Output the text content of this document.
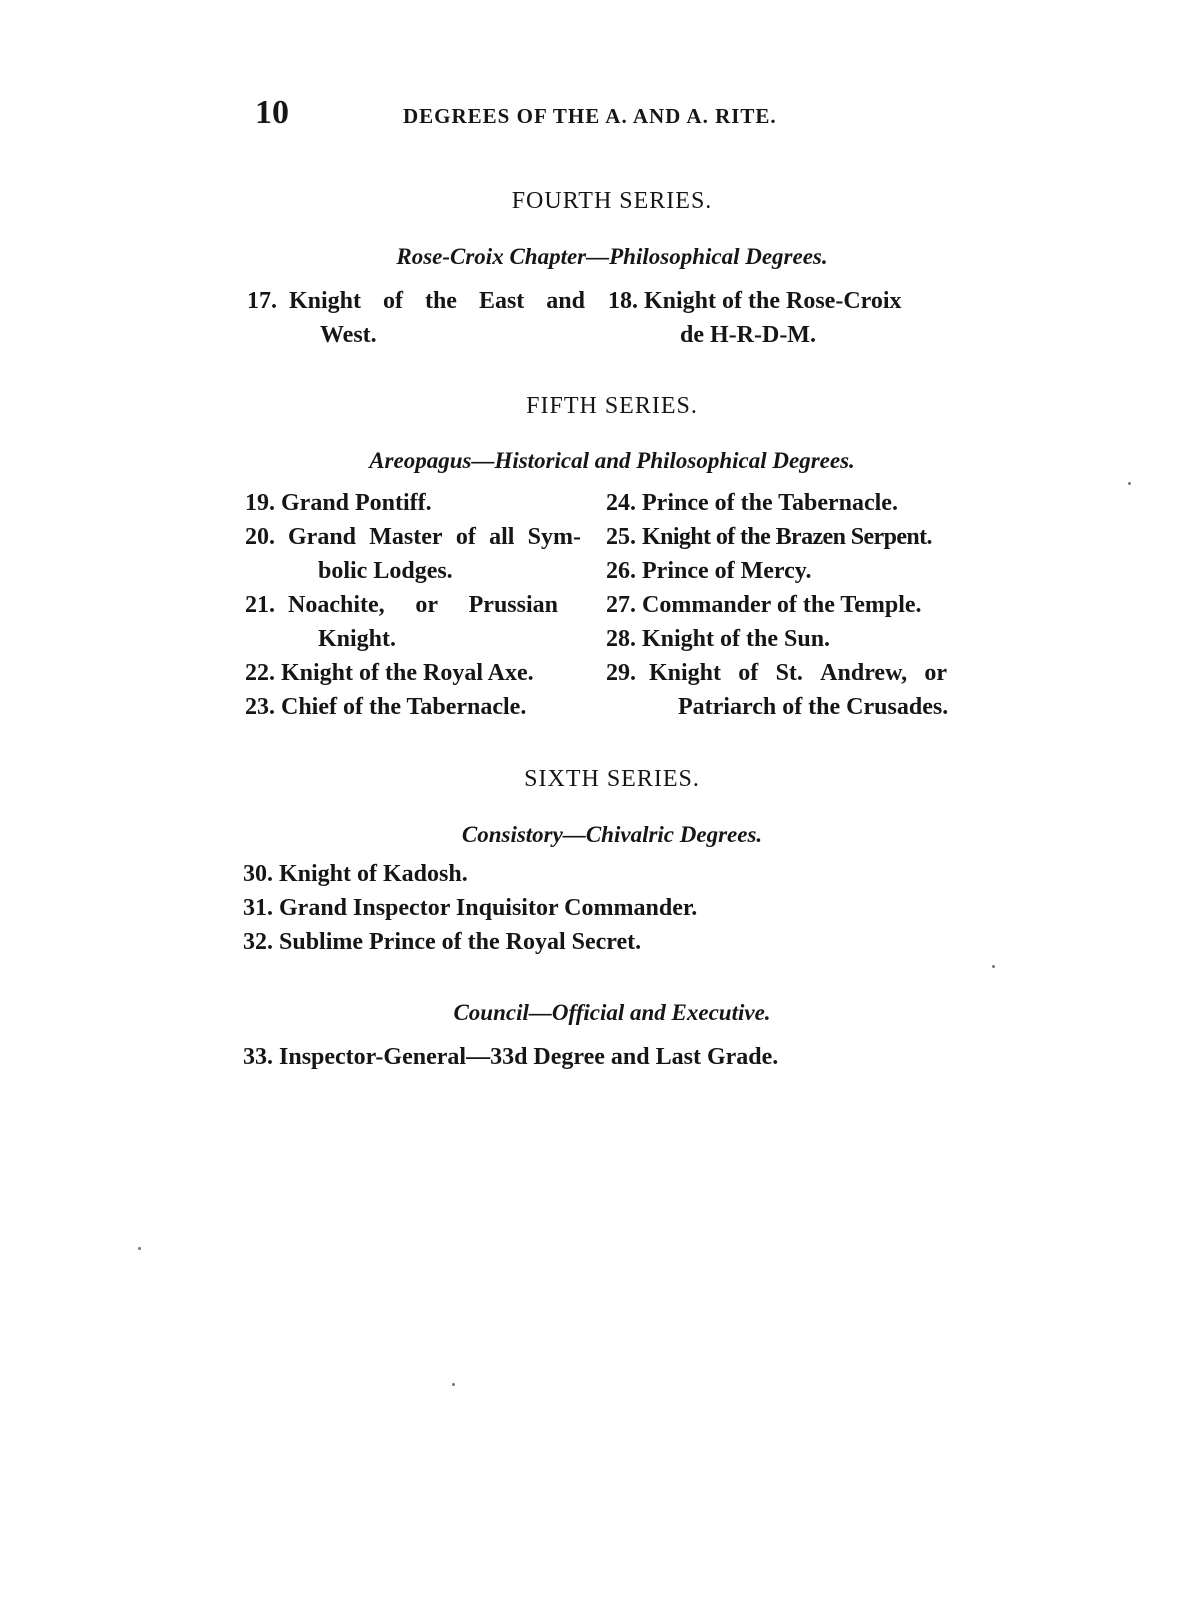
10	DEGREES OF THE A. AND A. RITE.
FOURTH SERIES.
Rose-Croix Chapter—Philosophical Degrees.
17. Knight of the East and
West.
18. Knight of the Rose-Croix
de H-R-D-M.
FIFTH SERIES.
Areopagus—Historical and Philosophical Degrees.
19. Grand Pontiff.
20. Grand Master of all Sym-
bolic Lodges.
21. Noachite, or Prussian
Knight.
22. Knight of the Royal Axe.
23. Chief of the Tabernacle.
24. Prince of the Tabernacle.
25. Knight of the Brazen Serpent.
26. Prince of Mercy.
27. Commander of the Temple.
28. Knight of the Sun.
29. Knight of St. Andrew, or
Patriarch of the Crusades.
SIXTH SERIES.
Consistory—Chivalric Degrees.
30. Knight of Kadosh.
31. Grand Inspector Inquisitor Commander.
32. Sublime Prince of the Royal Secret.
Council—Official and Executive.
33. Inspector-General—33d Degree and Last Grade.
